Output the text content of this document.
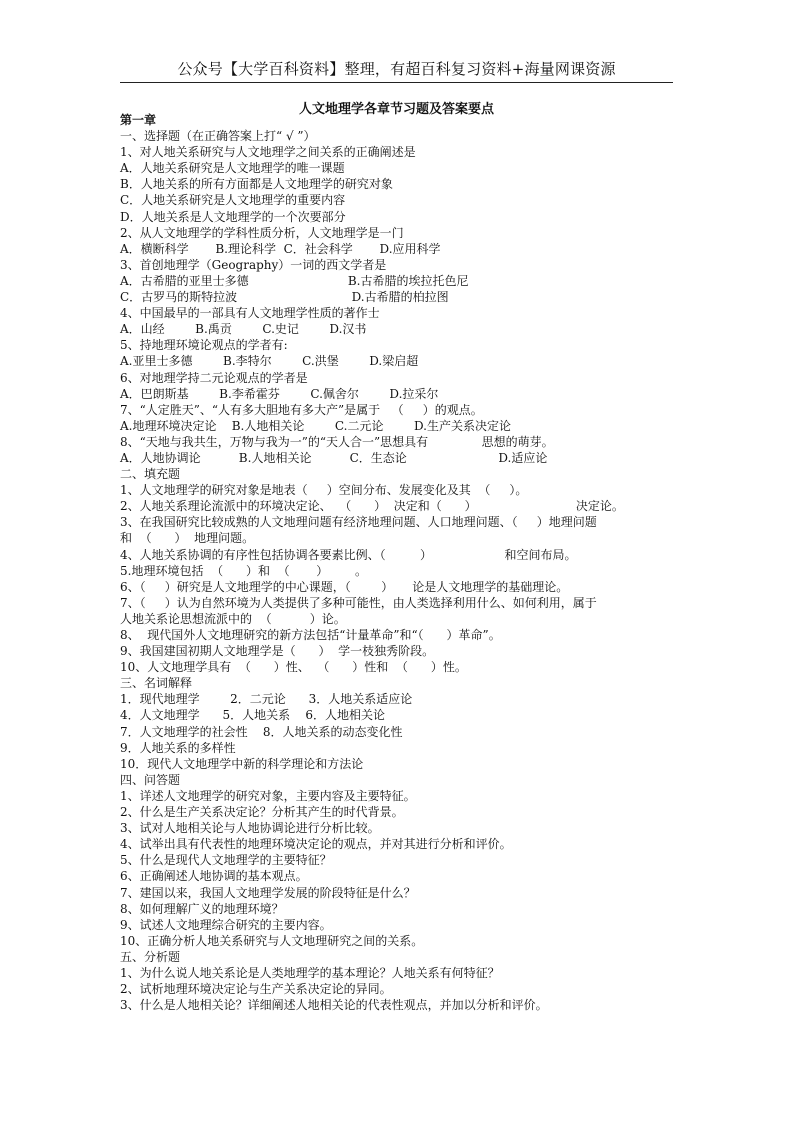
公众号【大学百科资料】整理，有超百科复习资料+海量网课资源
人文地理学各章节习题及答案要点
第一章
一、选择题（在正确答案上打“ √ ”）
1、对人地关系研究与人文地理学之间关系的正确阐述是
A．人地关系研究是人文地理学的唯一课题
B．人地关系的所有方面都是人文地理学的研究对象
C．人地关系研究是人文地理学的重要内容
D．人地关系是人文地理学的一个次要部分
2、从人文地理学的学科性质分析，人文地理学是一门
A．横断科学       B.理论科学  C．社会科学       D.应用科学
3、首创地理学（Geography）一词的西文学者是
A．古希腊的亚里士多德                          B.古希腊的埃拉托色尼
C．古罗马的斯特拉波                              D.古希腊的柏拉图
4、中国最早的一部具有人文地理学性质的著作士
A．山经        B.禹贡        C.史记        D.汉书
5、持地理环境论观点的学者有:
A.亚里士多德        B.李特尔        C.洪堡        D.梁启超
6、对地理学持二元论观点的学者是
A．巴朗斯基        B.李希霍芬        C.佩舍尔        D.拉采尔
7、“人定胜天”、“人有多大胆地有多大产”是属于   （     ）的观点。
A.地理环境决定论    B.人地相关论        C.二元论        D.生产关系决定论
8、“天地与我共生，万物与我为一”的“天人合一”思想具有              思想的萌芽。
A．人地协调论          B.人地相关论          C．生态论                        D.适应论
二、填充题
1、人文地理学的研究对象是地表（     ）空间分布、发展变化及其  （     ）。
2、人地关系理论流派中的环境决定论、  （      ）  决定和（      ）                          决定论。
3、在我国研究比较成熟的人文地理问题有经济地理问题、人口地理问题、（     ）地理问题
和  （      ）  地理问题。
4、人地关系协调的有序性包括协调各要素比例、（         ）                   和空间布局。
5.地理环境包括  （      ）和  （       ）       。
6、（     ）研究是人文地理学的中心课题，（        ）     论是人文地理学的基础理论。
7、（     ）认为自然环境为人类提供了多种可能性，由人类选择利用什么、如何利用，属于
人地关系论思想流派中的  （          ）论。
8、  现代国外人文地理研究的新方法包括“计量革命”和“（      ）革命”。
9、我国建国初期人文地理学是（      ）  学一枝独秀阶段。
10、人文地理学具有  （      ）性、  （      ）性和  （      ）性。
三、名词解释
1．现代地理学        2．二元论      3．人地关系适应论
4．人文地理学      5．人地关系    6．人地相关论
7．人文地理学的社会性    8．人地关系的动态变化性
9．人地关系的多样性
10．现代人文地理学中新的科学理论和方法论
四、问答题
1、详述人文地理学的研究对象，主要内容及主要特征。
2、什么是生产关系决定论？分析其产生的时代背景。
3、试对人地相关论与人地协调论进行分析比较。
4、试举出具有代表性的地理环境决定论的观点，并对其进行分析和评价。
5、什么是现代人文地理学的主要特征？
6、正确阐述人地协调的基本观点。
7、建国以来，我国人文地理学发展的阶段特征是什么？
8、如何理解广义的地理环境？
9、试述人文地理综合研究的主要内容。
10、正确分析人地关系研究与人文地理研究之间的关系。
五、分析题
1、为什么说人地关系论是人类地理学的基本理论？人地关系有何特征？
2、试析地理环境决定论与生产关系决定论的异同。
3、什么是人地相关论？详细阐述人地相关论的代表性观点，并加以分析和评价。
